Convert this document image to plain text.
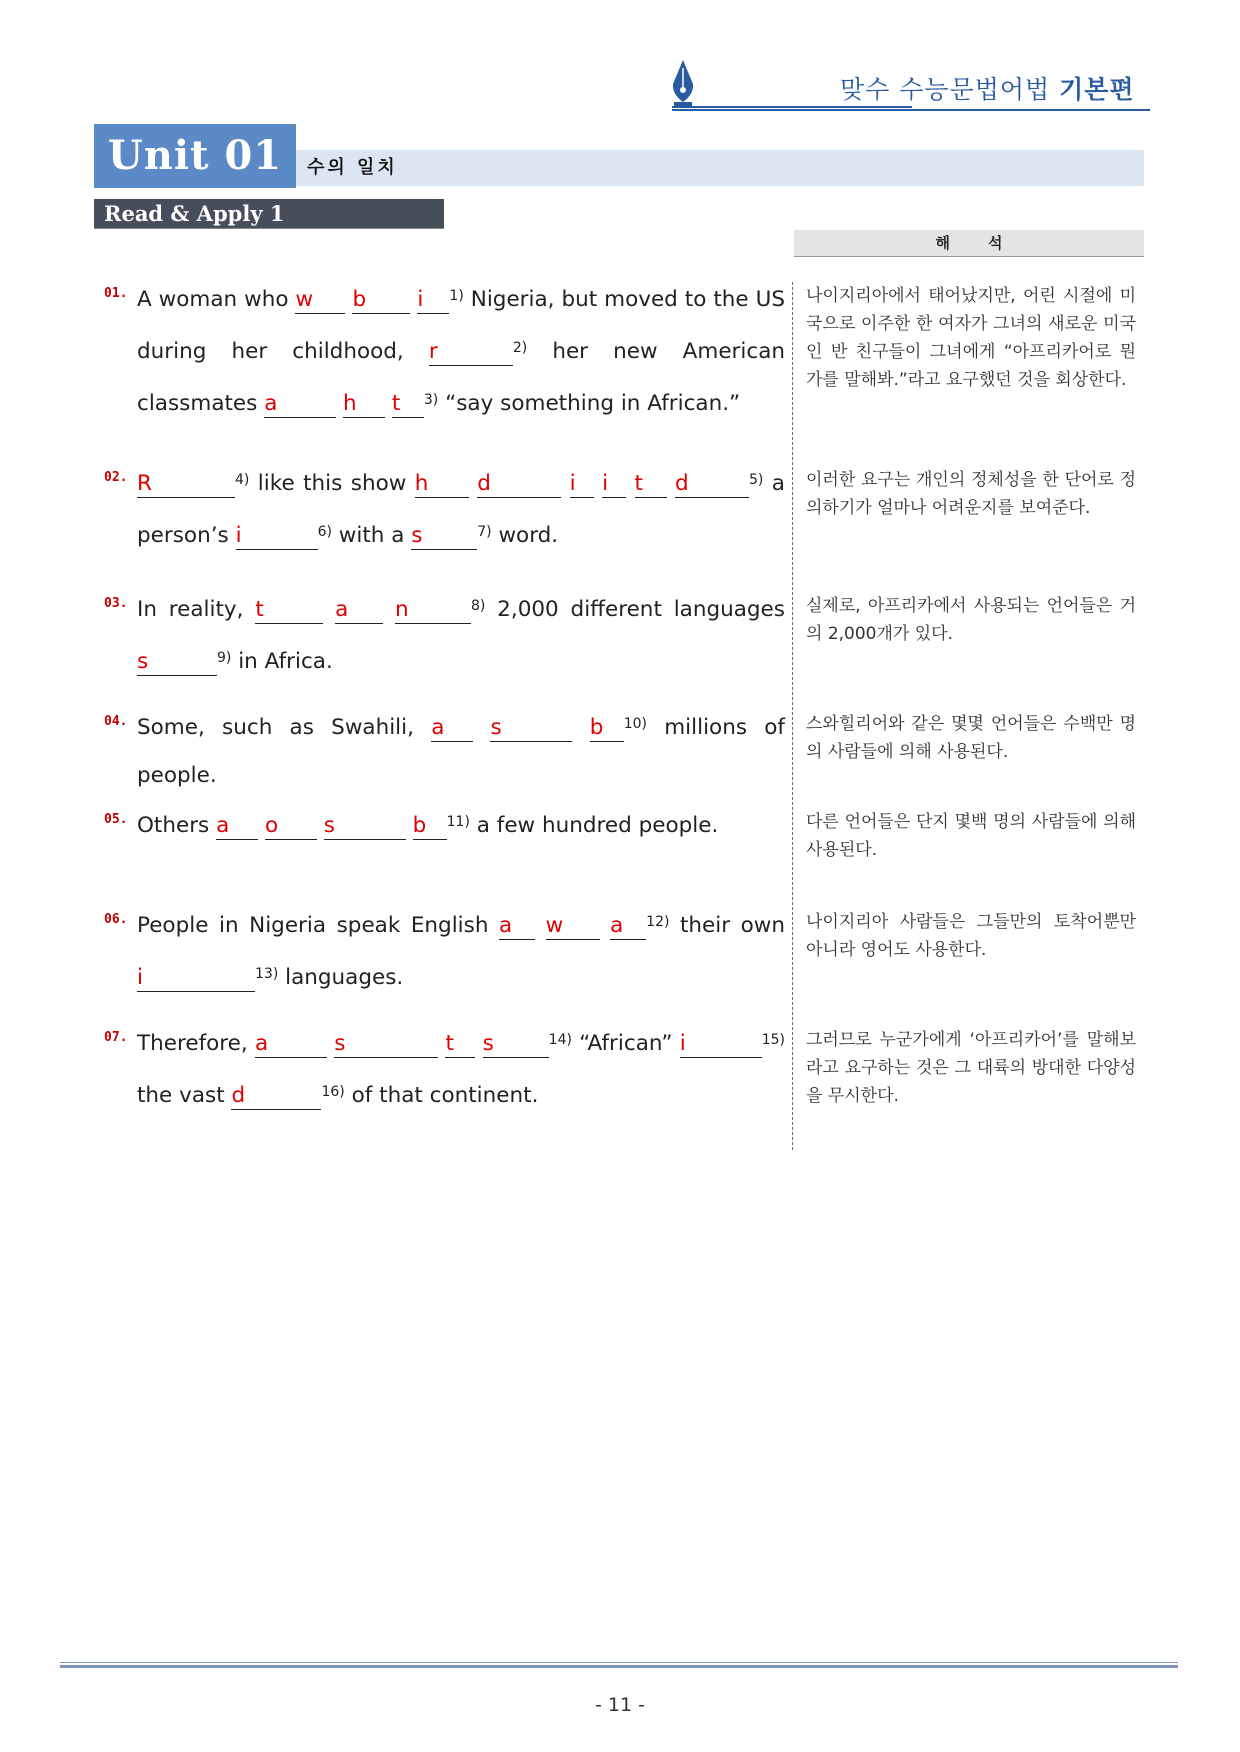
맞수 수능문법어법 기본편
Unit 01	수의 일치
Read & Apply 1
해석
01. A woman who w b i $^{1)}$ Nigeria, but moved to the US during her childhood, r	$^{2)}$ her new American classmates a	h t $^{3)}$ “say something in African.”
나이지리아에서 태어났지만, 어린 시절에 미국으로 이주한 한 여자가 그녀의 새로운 미국인 반 친구들이 그녀에게 “아프리카어로 뭔가를 말해봐.”라고 요구했던 것을 회상한다.
02. R	$^{4)}$ like this show h d	i i t d	$^{5)}$ a person’s i	$^{6)}$ with a s	$^{7)}$ word.
이러한 요구는 개인의 정체성을 한 단어로 정의하기가 얼마나 어려운지를 보여준다.
03. In reality, t	a n	$^{8)}$ 2,000 different languages s	$^{9)}$ in Africa.
실제로, 아프리카에서 사용되는 언어들은 거의 2,000개가 있다.
04. Some, such as Swahili, a s	b $^{10)}$ millions of people.
스와힐리어와 같은 몇몇 언어들은 수백만 명의 사람들에 의해 사용된다.
05. Others a o s	b $^{11)}$ a few hundred people.	다른 언어들은 단지 몇백 명의 사람들에 의해 사용된다.
06. People in Nigeria speak English a w a $^{12)}$ their own i	$^{13)}$ languages.
나이지리아 사람들은 그들만의 토착어뿐만 아니라 영어도 사용한다.
07. Therefore, a	s	t s	$^{14)}$ “African” i	$^{15)}$ the vast d	$^{16)}$ of that continent.
그러므로 누군가에게 ‘아프리카어’를 말해보라고 요구하는 것은 그 대륙의 방대한 다양성을 무시한다.
- 11 -
